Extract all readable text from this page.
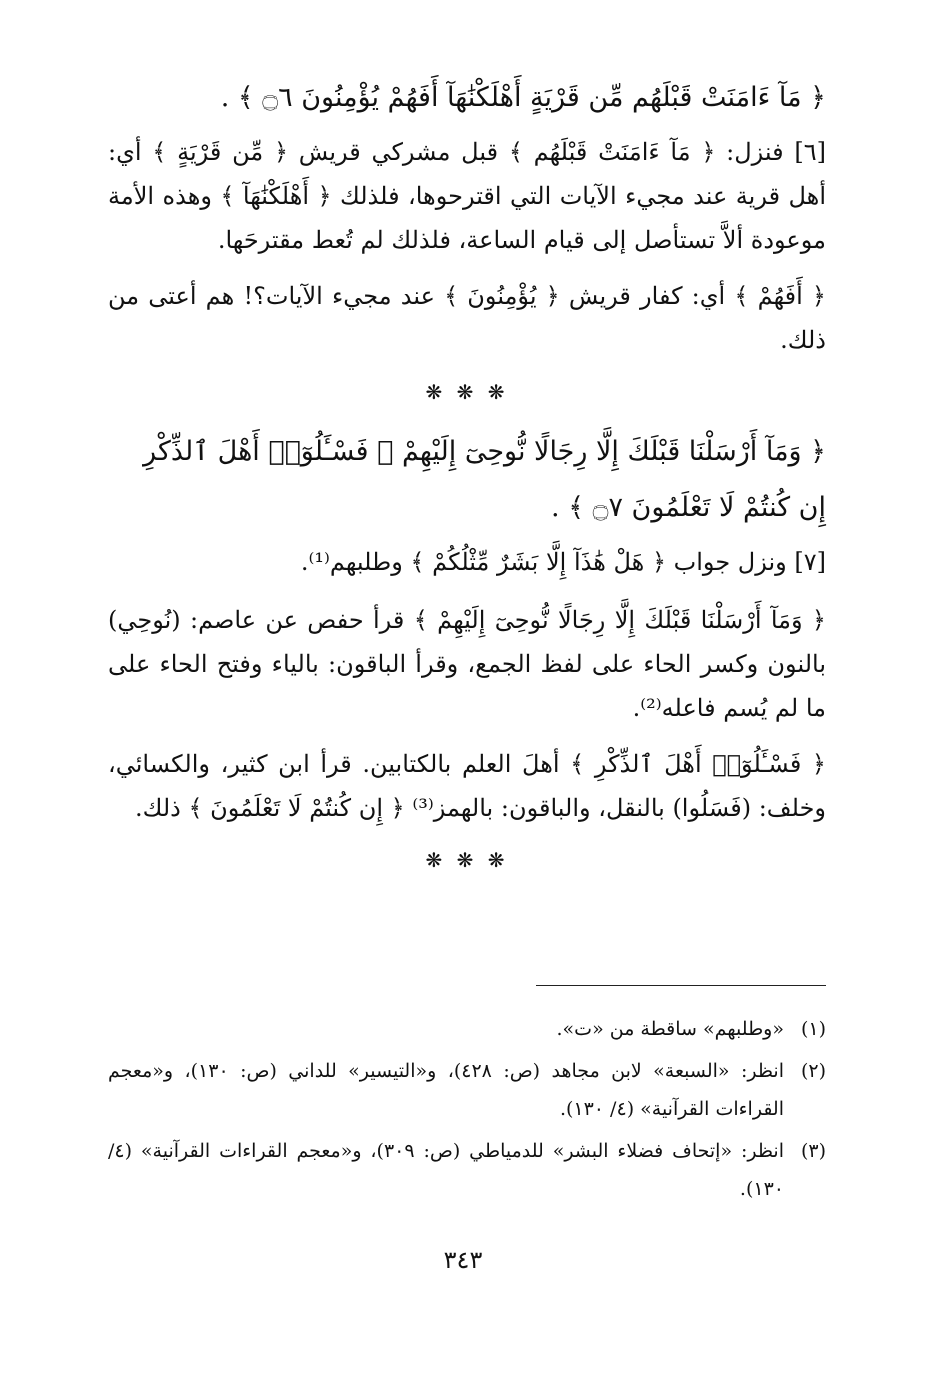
﴿ مَآ ءَامَنَتْ قَبْلَهُم مِّن قَرْيَةٍ أَهْلَكْنَٰهَآ أَفَهُمْ يُؤْمِنُونَ ۝٦ ﴾ .

[٦] فنزل: ﴿ مَآ ءَامَنَتْ قَبْلَهُم ﴾ قبل مشركي قريش ﴿ مِّن قَرْيَةٍ ﴾ أي: أهل قرية عند مجيء الآيات التي اقترحوها، فلذلك ﴿ أَهْلَكْنَٰهَآ ﴾ وهذه الأمة موعودة ألاَّ تستأصل إلى قيام الساعة، فلذلك لم تُعط مقترحَها.

﴿ أَفَهُمْ ﴾ أي: كفار قريش ﴿ يُؤْمِنُونَ ﴾ عند مجيء الآيات؟! هم أعتى من ذلك.

❋ ❋ ❋

﴿ وَمَآ أَرْسَلْنَا قَبْلَكَ إِلَّا رِجَالًا نُّوحِىٓ إِلَيْهِمْ ۖ فَسْـَٔلُوٓا۟ أَهْلَ ٱلذِّكْرِ إِن كُنتُمْ لَا تَعْلَمُونَ ۝٧ ﴾ .

[٧] ونزل جواب ﴿ هَلْ هَٰذَآ إِلَّا بَشَرٌ مِّثْلُكُمْ ﴾ وطلبهم⁽¹⁾.

﴿ وَمَآ أَرْسَلْنَا قَبْلَكَ إِلَّا رِجَالًا نُّوحِىٓ إِلَيْهِمْ ﴾ قرأ حفص عن عاصم: (نُوحِي) بالنون وكسر الحاء على لفظ الجمع، وقرأ الباقون: بالياء وفتح الحاء على ما لم يُسم فاعله⁽²⁾.

﴿ فَسْـَٔلُوٓا۟ أَهْلَ ٱلذِّكْرِ ﴾ أهلَ العلم بالكتابين. قرأ ابن كثير، والكسائي، وخلف: (فَسَلُوا) بالنقل، والباقون: بالهمز⁽³⁾ ﴿ إِن كُنتُمْ لَا تَعْلَمُونَ ﴾ ذلك.

❋ ❋ ❋
(١)
«وطلبهم» ساقطة من «ت».
(٢)
انظر: «السبعة» لابن مجاهد (ص: ٤٢٨)، و«التيسير» للداني (ص: ١٣٠)، و«معجم القراءات القرآنية» (٤/ ١٣٠).
(٣)
انظر: «إتحاف فضلاء البشر» للدمياطي (ص: ٣٠٩)، و«معجم القراءات القرآنية» (٤/ ١٣٠).
٣٤٣
